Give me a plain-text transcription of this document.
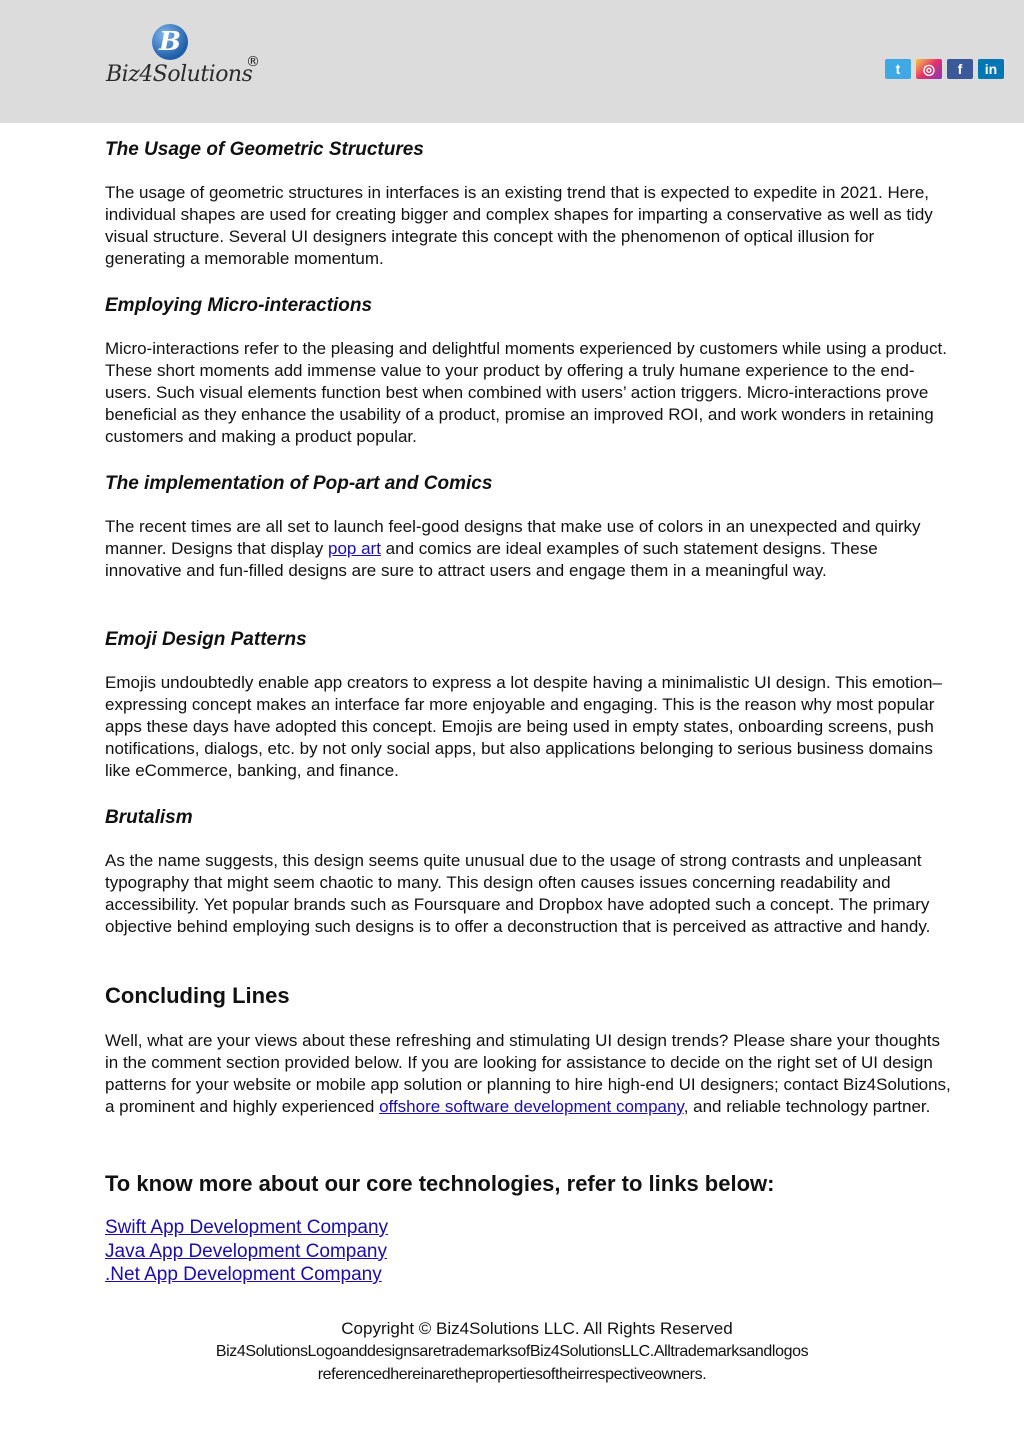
B
Biz4Solutions
®	t	◎	f	in

The Usage of Geometric Structures

The usage of geometric structures in interfaces is an existing trend that is expected to expedite in 2021. Here, individual shapes are used for creating bigger and complex shapes for imparting a conservative as well as tidy visual structure. Several UI designers integrate this concept with the phenomenon of optical illusion for generating a memorable momentum.

Employing Micro-interactions

Micro-interactions refer to the pleasing and delightful moments experienced by customers while using a product. These short moments add immense value to your product by offering a truly humane experience to the end-users. Such visual elements function best when combined with users’ action triggers. Micro-interactions prove beneficial as they enhance the usability of a product, promise an improved ROI, and work wonders in retaining customers and making a product popular.

The implementation of Pop-art and Comics

The recent times are all set to launch feel-good designs that make use of colors in an unexpected and quirky manner. Designs that display pop art and comics are ideal examples of such statement designs. These innovative and fun-filled designs are sure to attract users and engage them in a meaningful way.

Emoji Design Patterns

Emojis undoubtedly enable app creators to express a lot despite having a minimalistic UI design. This emotion–expressing concept makes an interface far more enjoyable and engaging. This is the reason why most popular apps these days have adopted this concept. Emojis are being used in empty states, onboarding screens, push notifications, dialogs, etc. by not only social apps, but also applications belonging to serious business domains like eCommerce, banking, and finance.

Brutalism

As the name suggests, this design seems quite unusual due to the usage of strong contrasts and unpleasant typography that might seem chaotic to many. This design often causes issues concerning readability and accessibility. Yet popular brands such as Foursquare and Dropbox have adopted such a concept. The primary objective behind employing such designs is to offer a deconstruction that is perceived as attractive and handy.

Concluding Lines

Well, what are your views about these refreshing and stimulating UI design trends? Please share your thoughts in the comment section provided below. If you are looking for assistance to decide on the right set of UI design patterns for your website or mobile app solution or planning to hire high-end UI designers; contact Biz4Solutions, a prominent and highly experienced offshore software development company, and reliable technology partner.

To know more about our core technologies, refer to links below:

Swift App Development Company
Java App Development Company
.Net App Development Company
Copyright © Biz4Solutions LLC. All Rights Reserved
Biz4SolutionsLogoanddesignsaretrademarksofBiz4SolutionsLLC.Alltrademarksandlogos
referencedhereinarethepropertiesoftheirrespectiveowners.
